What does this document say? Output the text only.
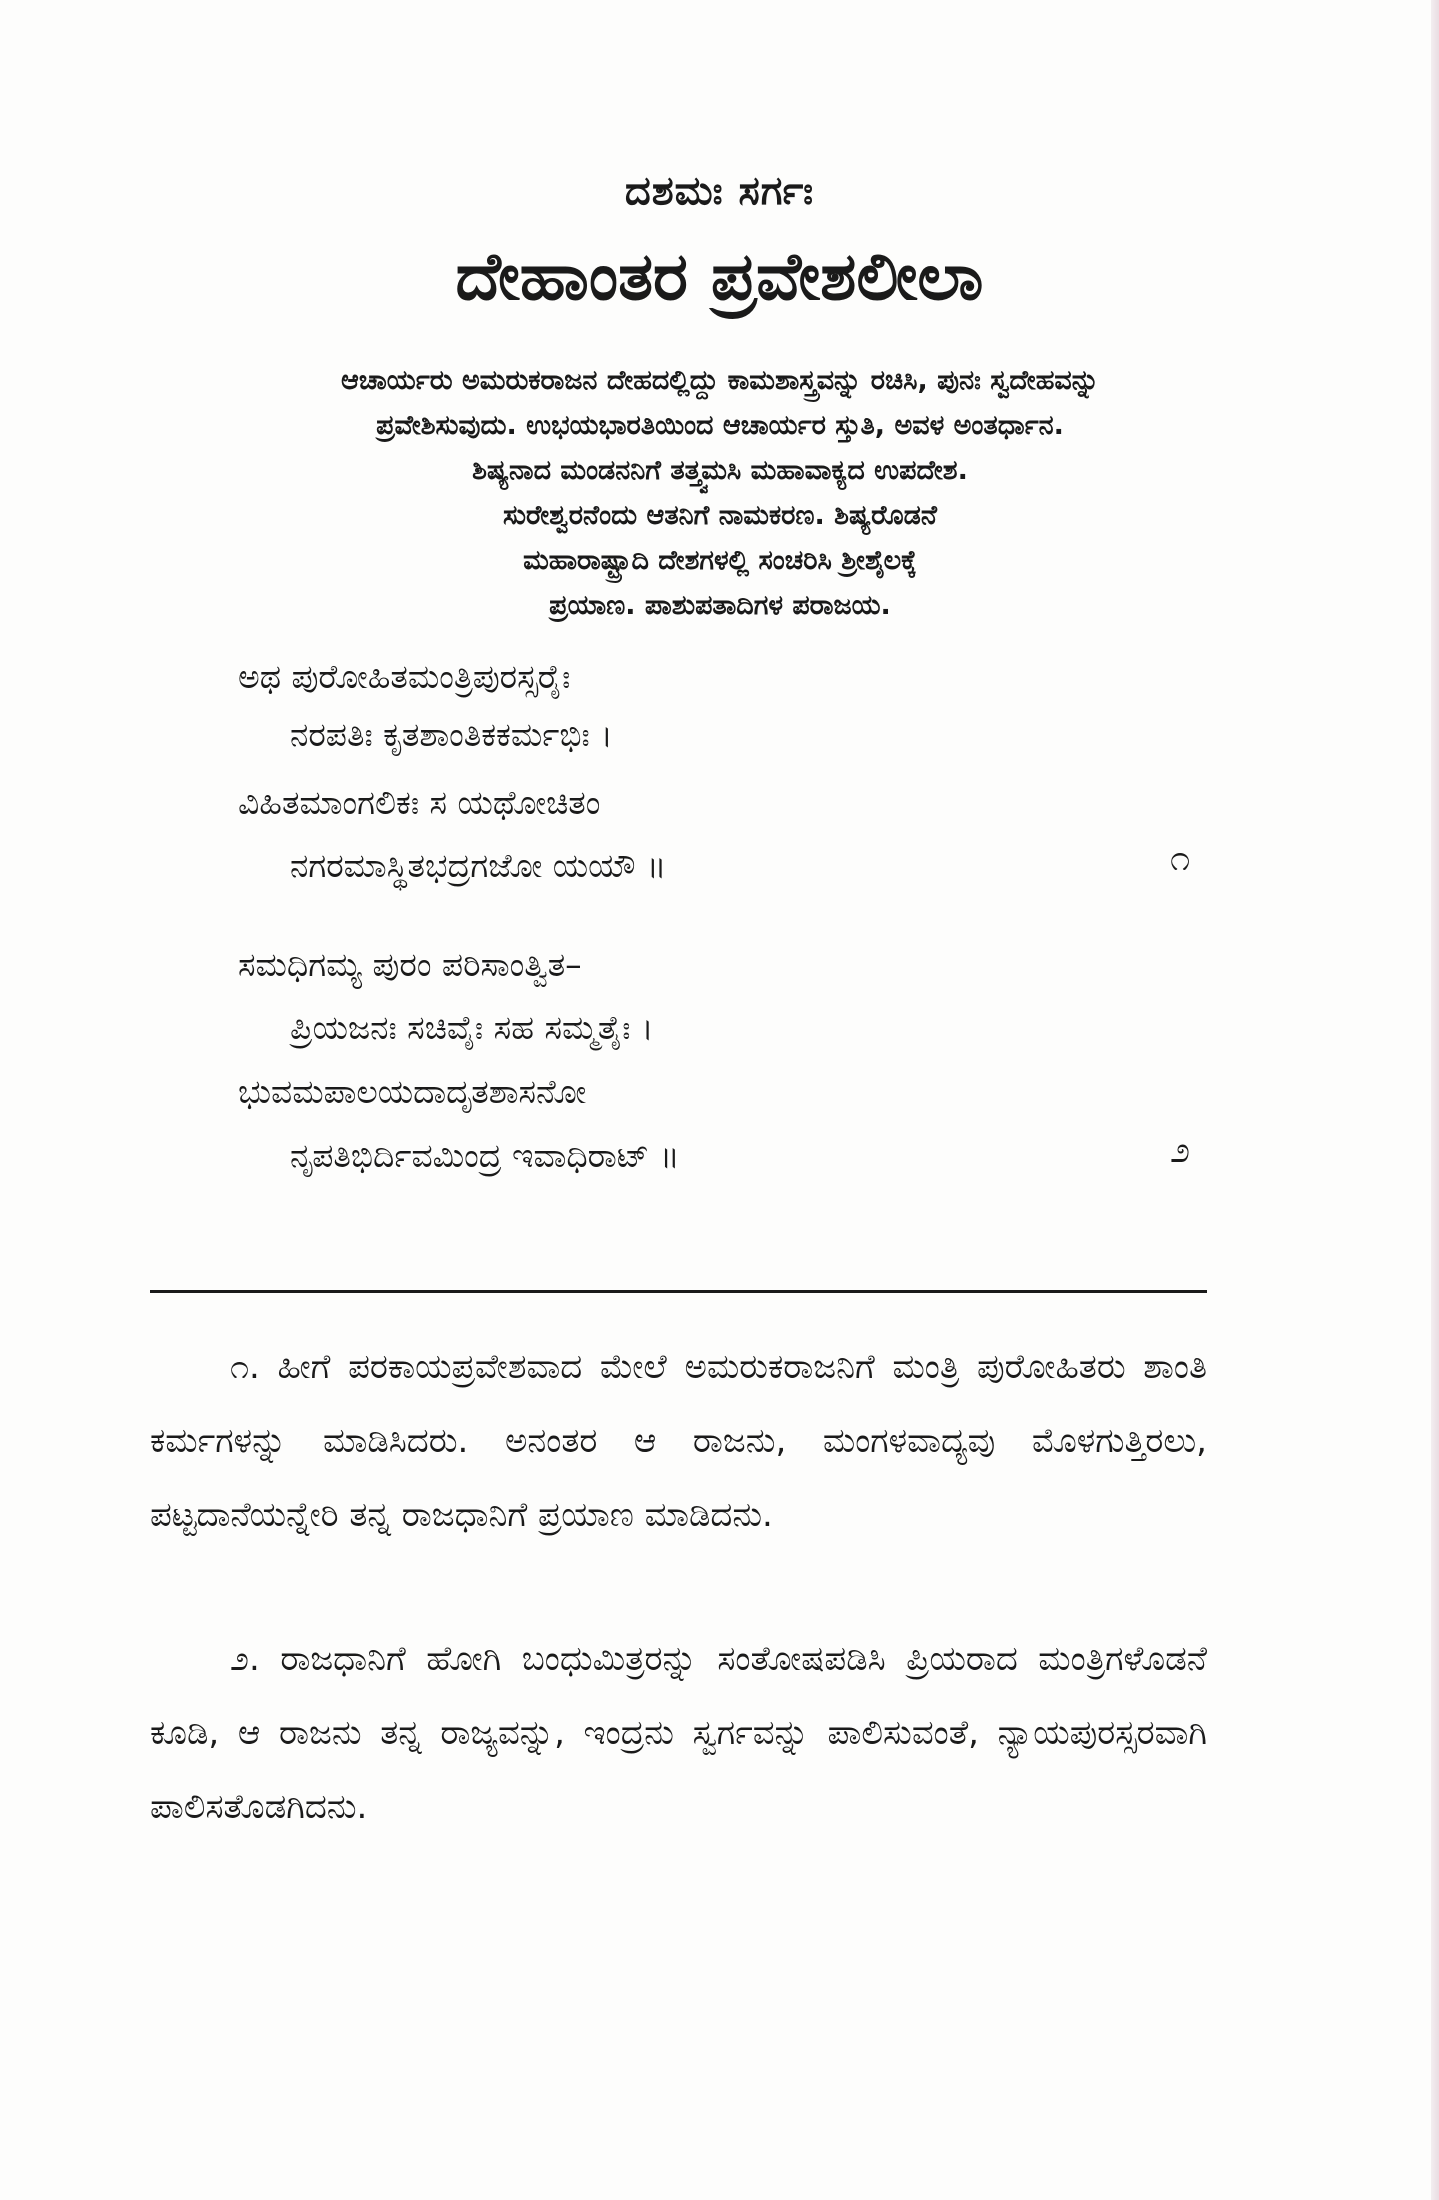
ದಶಮಃ ಸರ್ಗಃ
ದೇಹಾಂತರ ಪ್ರವೇಶಲೀಲಾ
ಆಚಾರ್ಯರು ಅಮರುಕರಾಜನ ದೇಹದಲ್ಲಿದ್ದು ಕಾಮಶಾಸ್ತ್ರವನ್ನು ರಚಿಸಿ, ಪುನಃ ಸ್ವದೇಹವನ್ನು
ಪ್ರವೇಶಿಸುವುದು. ಉಭಯಭಾರತಿಯಿಂದ ಆಚಾರ್ಯರ ಸ್ತುತಿ, ಅವಳ ಅಂತರ್ಧಾನ.
ಶಿಷ್ಯನಾದ ಮಂಡನನಿಗೆ ತತ್ತ್ವಮಸಿ ಮಹಾವಾಕ್ಯದ ಉಪದೇಶ.
ಸುರೇಶ್ವರನೆಂದು ಆತನಿಗೆ ನಾಮಕರಣ. ಶಿಷ್ಯರೊಡನೆ
ಮಹಾರಾಷ್ಟ್ರಾದಿ ದೇಶಗಳಲ್ಲಿ ಸಂಚರಿಸಿ ಶ್ರೀಶೈಲಕ್ಕೆ
ಪ್ರಯಾಣ. ಪಾಶುಪತಾದಿಗಳ ಪರಾಜಯ.
ಅಥ ಪುರೋಹಿತಮಂತ್ರಿಪುರಸ್ಸರೈಃ
ನರಪತಿಃ ಕೃತಶಾಂತಿಕಕರ್ಮಭಿಃ ।
ವಿಹಿತಮಾಂಗಲಿಕಃ ಸ ಯಥೋಚಿತಂ
ನಗರಮಾಸ್ಥಿತಭದ್ರಗಜೋ ಯಯೌ ॥	೧
ಸಮಧಿಗಮ್ಯ ಪುರಂ ಪರಿಸಾಂತ್ವಿತ–
ಪ್ರಿಯಜನಃ ಸಚಿವೈಃ ಸಹ ಸಮ್ಮತೈಃ ।
ಭುವಮಪಾಲಯದಾದೃತಶಾಸನೋ
ನೃಪತಿಭಿರ್ದಿವಮಿಂದ್ರ ಇವಾಧಿರಾಟ್ ॥	೨
೧. ಹೀಗೆ ಪರಕಾಯಪ್ರವೇಶವಾದ ಮೇಲೆ ಅಮರುಕರಾಜನಿಗೆ ಮಂತ್ರಿ ಪುರೋಹಿತರು ಶಾಂತಿ ಕರ್ಮಗಳನ್ನು ಮಾಡಿಸಿದರು. ಅನಂತರ ಆ ರಾಜನು, ಮಂಗಳವಾದ್ಯವು ಮೊಳಗುತ್ತಿರಲು, ಪಟ್ಟದಾನೆಯನ್ನೇರಿ ತನ್ನ ರಾಜಧಾನಿಗೆ ಪ್ರಯಾಣ ಮಾಡಿದನು.
೨. ರಾಜಧಾನಿಗೆ ಹೋಗಿ ಬಂಧುಮಿತ್ರರನ್ನು ಸಂತೋಷಪಡಿಸಿ ಪ್ರಿಯರಾದ ಮಂತ್ರಿಗಳೊಡನೆ ಕೂಡಿ, ಆ ರಾಜನು ತನ್ನ ರಾಜ್ಯವನ್ನು, ಇಂದ್ರನು ಸ್ವರ್ಗವನ್ನು ಪಾಲಿಸುವಂತೆ, ನ್ಯಾಯಪುರಸ್ಸರವಾಗಿ ಪಾಲಿಸತೊಡಗಿದನು.
